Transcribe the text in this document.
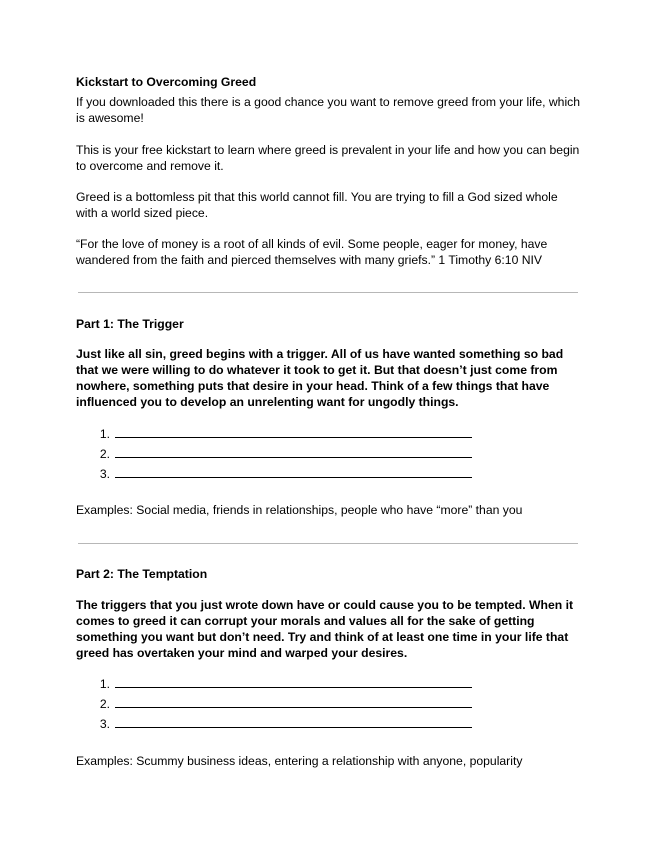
Kickstart to Overcoming Greed
If you downloaded this there is a good chance you want to remove greed from your life, which is awesome!
This is your free kickstart to learn where greed is prevalent in your life and how you can begin to overcome and remove it.
Greed is a bottomless pit that this world cannot fill. You are trying to fill a God sized whole with a world sized piece.
“For the love of money is a root of all kinds of evil. Some people, eager for money, have wandered from the faith and pierced themselves with many griefs.” 1 Timothy 6:10 NIV
Part 1: The Trigger
Just like all sin, greed begins with a trigger. All of us have wanted something so bad that we were willing to do whatever it took to get it. But that doesn’t just come from nowhere, something puts that desire in your head. Think of a few things that have influenced you to develop an unrelenting want for ungodly things.
1.
2.
3.
Examples: Social media, friends in relationships, people who have “more” than you
Part 2: The Temptation
The triggers that you just wrote down have or could cause you to be tempted. When it comes to greed it can corrupt your morals and values all for the sake of getting something you want but don’t need. Try and think of at least one time in your life that greed has overtaken your mind and warped your desires.
1.
2.
3.
Examples: Scummy business ideas, entering a relationship with anyone, popularity
